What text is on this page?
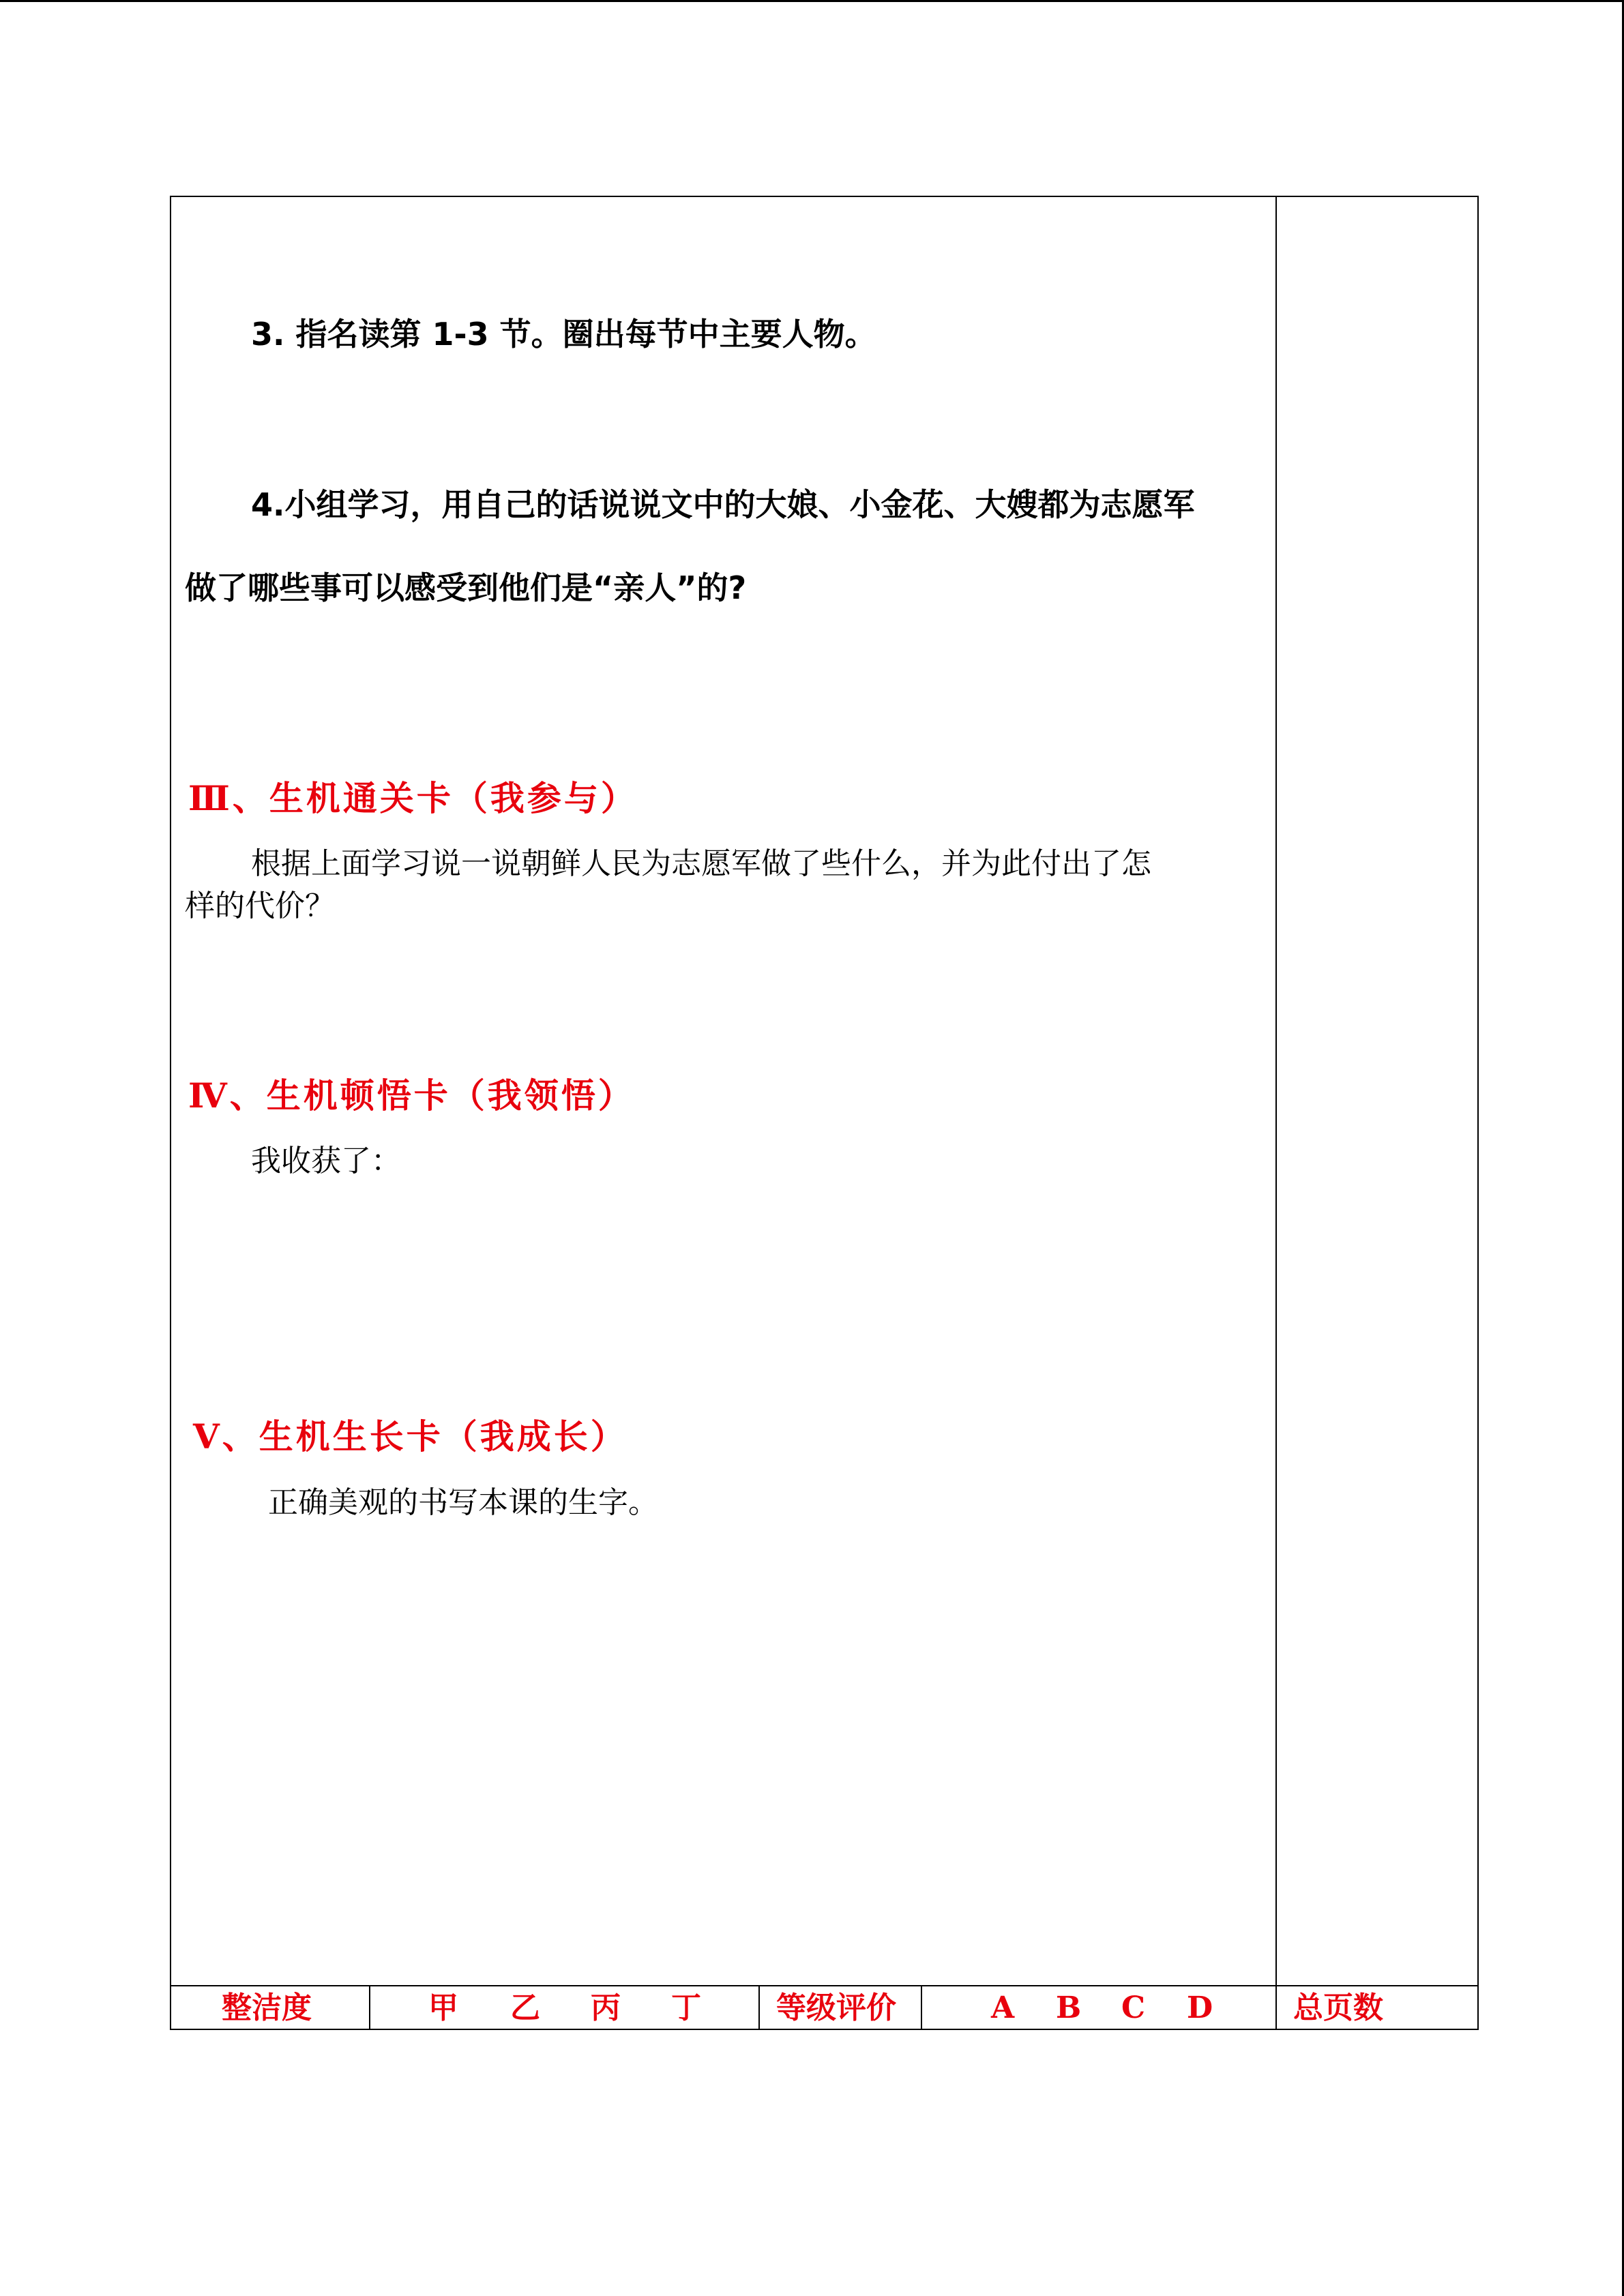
3. 指名读第 1-3 节。圈出每节中主要人物。
4.小组学习，用自己的话说说文中的大娘、小金花、大嫂都为志愿军
做了哪些事可以感受到他们是“亲人”的?
Ⅲ、生机通关卡（我参与）
根据上面学习说一说朝鲜人民为志愿军做了些什么，并为此付出了怎
样的代价？
Ⅳ、生机顿悟卡（我领悟）
我收获了：
Ⅴ、生机生长卡（我成长）
正确美观的书写本课的生字。
整洁度	甲 乙 丙 丁	等级评价	A B C D	总页数
